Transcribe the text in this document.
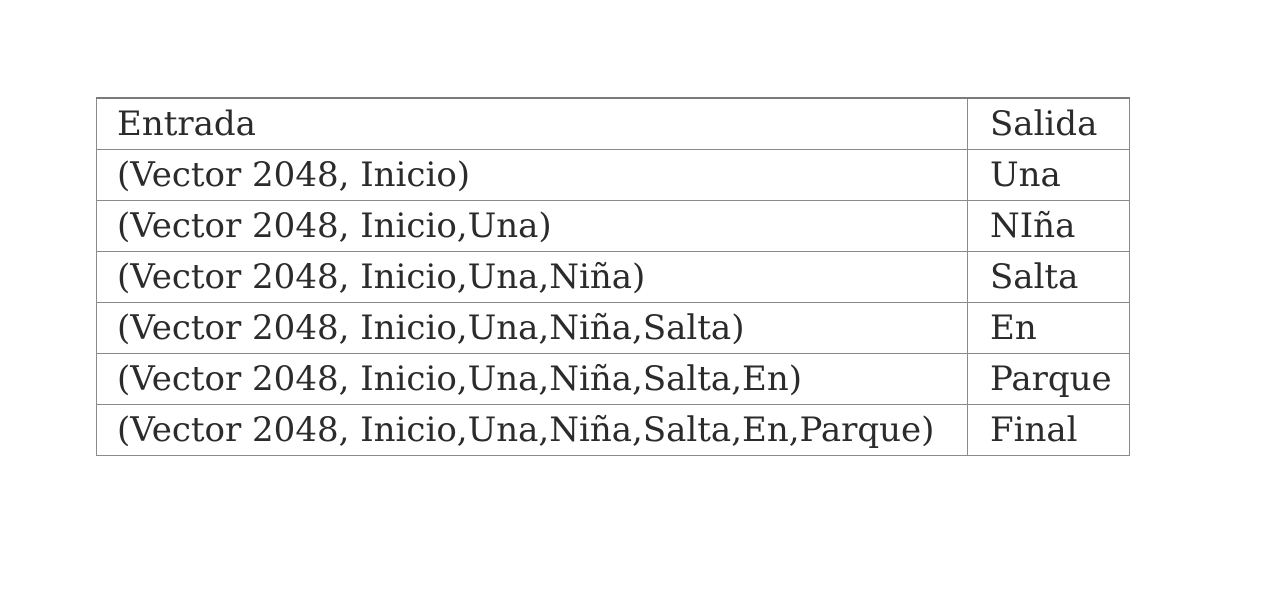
Entrada	Salida
(Vector 2048, Inicio)	Una
(Vector 2048, Inicio,Una)	NIña
(Vector 2048, Inicio,Una,Niña)	Salta
(Vector 2048, Inicio,Una,Niña,Salta)	En
(Vector 2048, Inicio,Una,Niña,Salta,En)	Parque
(Vector 2048, Inicio,Una,Niña,Salta,En,Parque)	Final
